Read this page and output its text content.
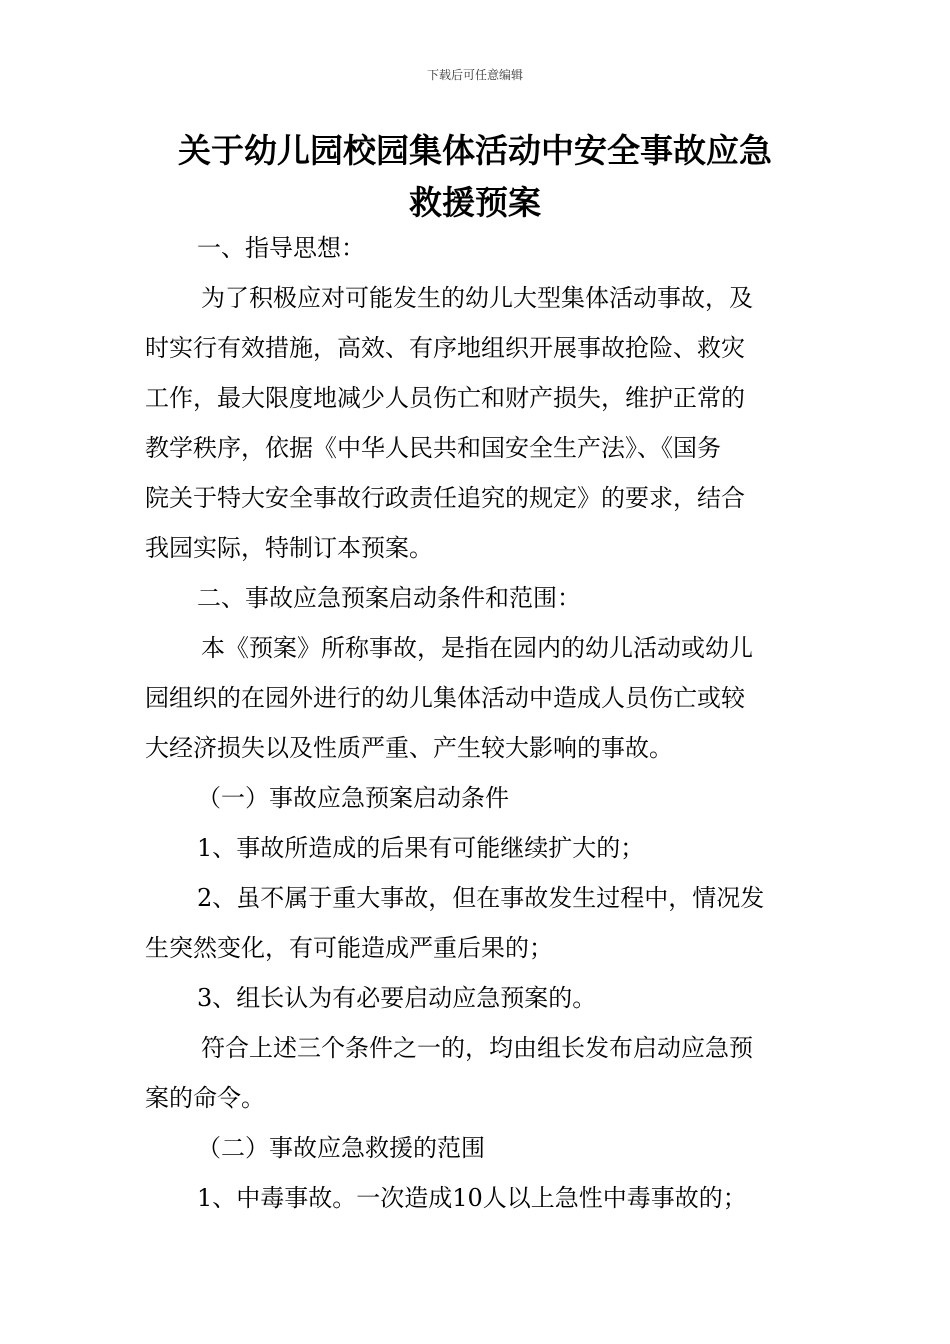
下载后可任意编辑
关于幼儿园校园集体活动中安全事故应急
救援预案
一、指导思想：
为了积极应对可能发生的幼儿大型集体活动事故，及
时实行有效措施，高效、有序地组织开展事故抢险、救灾
工作，最大限度地减少人员伤亡和财产损失，维护正常的
教学秩序，依据《中华人民共和国安全生产法》、《国务
院关于特大安全事故行政责任追究的规定》的要求，结合
我园实际，特制订本预案。
二、事故应急预案启动条件和范围：
本《预案》所称事故，是指在园内的幼儿活动或幼儿
园组织的在园外进行的幼儿集体活动中造成人员伤亡或较
大经济损失以及性质严重、产生较大影响的事故。
（一）事故应急预案启动条件
1、事故所造成的后果有可能继续扩大的；
2、虽不属于重大事故，但在事故发生过程中，情况发
生突然变化，有可能造成严重后果的；
3、组长认为有必要启动应急预案的。
符合上述三个条件之一的，均由组长发布启动应急预
案的命令。
（二）事故应急救援的范围
1、中毒事故。一次造成10人以上急性中毒事故的；
